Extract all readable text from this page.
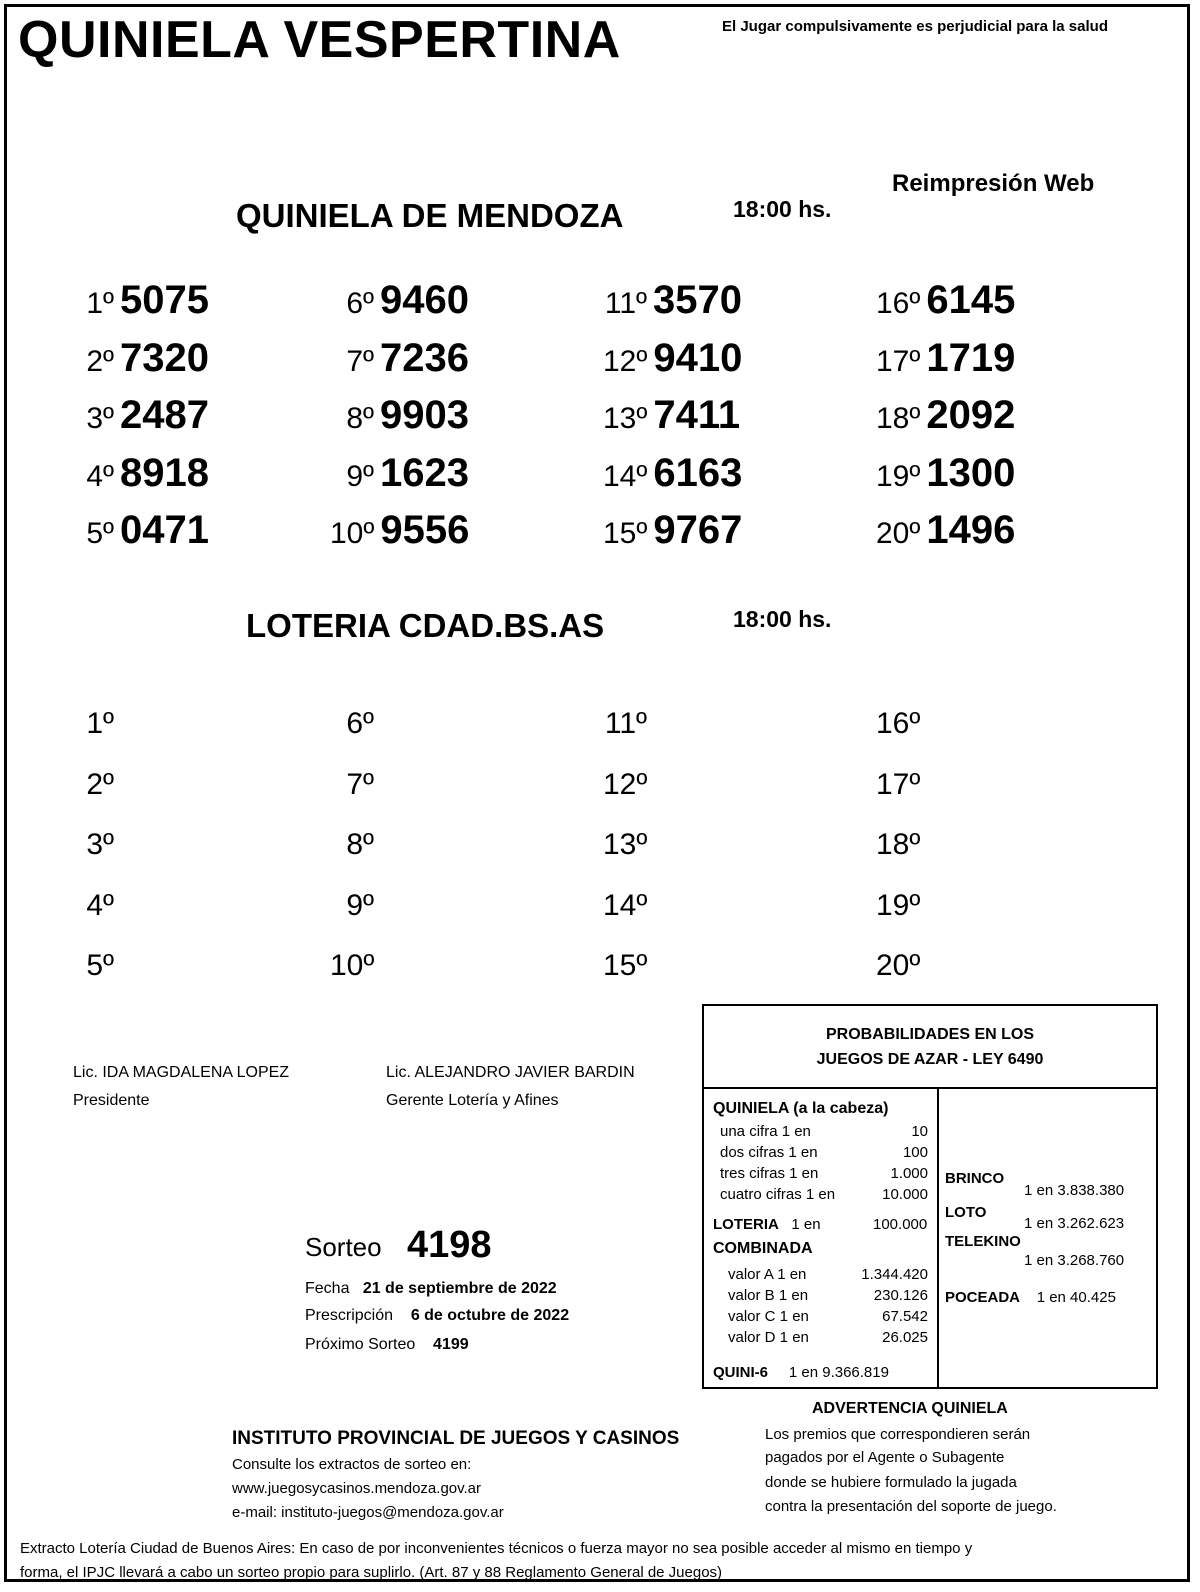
QUINIELA VESPERTINA	El Jugar compulsivamente es perjudicial para la salud
Reimpresión Web
QUINIELA DE MENDOZA	18:00 hs.
1º 5075
2º 7320
3º 2487
4º 8918
5º 0471
6º 9460
7º 7236
8º 9903
9º 1623
10º 9556
11º 3570
12º 9410
13º 7411
14º 6163
15º 9767
16º 6145
17º 1719
18º 2092
19º 1300
20º 1496
LOTERIA CDAD.BS.AS	18:00 hs.
1º
2º
3º
4º
5º
6º
7º
8º
9º
10º
11º
12º
13º
14º
15º
16º
17º
18º
19º
20º
Lic. IDA MAGDALENA LOPEZ
Presidente
Lic. ALEJANDRO JAVIER BARDIN
Gerente Lotería y Afines
Sorteo 4198
Fecha 21 de septiembre de 2022
Prescripción 6 de octubre de 2022
Próximo Sorteo 4199
PROBABILIDADES EN LOS
JUEGOS DE AZAR - LEY 6490
QUINIELA (a la cabeza)
una cifra 1 en	10
dos cifras 1 en	100
tres cifras 1 en	1.000
cuatro cifras 1 en	10.000
LOTERIA 1 en	100.000
COMBINADA
valor A 1 en	1.344.420
valor B 1 en	230.126
valor C 1 en	67.542
valor D 1 en	26.025
QUINI-6 1 en 9.366.819
BRINCO
1 en 3.838.380
LOTO
1 en 3.262.623
TELEKINO
1 en 3.268.760
POCEADA 1 en 40.425
ADVERTENCIA QUINIELA
Los premios que correspondieren serán
pagados por el Agente o Subagente
donde se hubiere formulado la jugada
contra la presentación del soporte de juego.
INSTITUTO PROVINCIAL DE JUEGOS Y CASINOS
Consulte los extractos de sorteo en:
www.juegosycasinos.mendoza.gov.ar
e-mail: instituto-juegos@mendoza.gov.ar
Extracto Lotería Ciudad de Buenos Aires: En caso de por inconvenientes técnicos o fuerza mayor no sea posible acceder al mismo en tiempo y
forma, el IPJC llevará a cabo un sorteo propio para suplirlo. (Art. 87 y 88 Reglamento General de Juegos)
